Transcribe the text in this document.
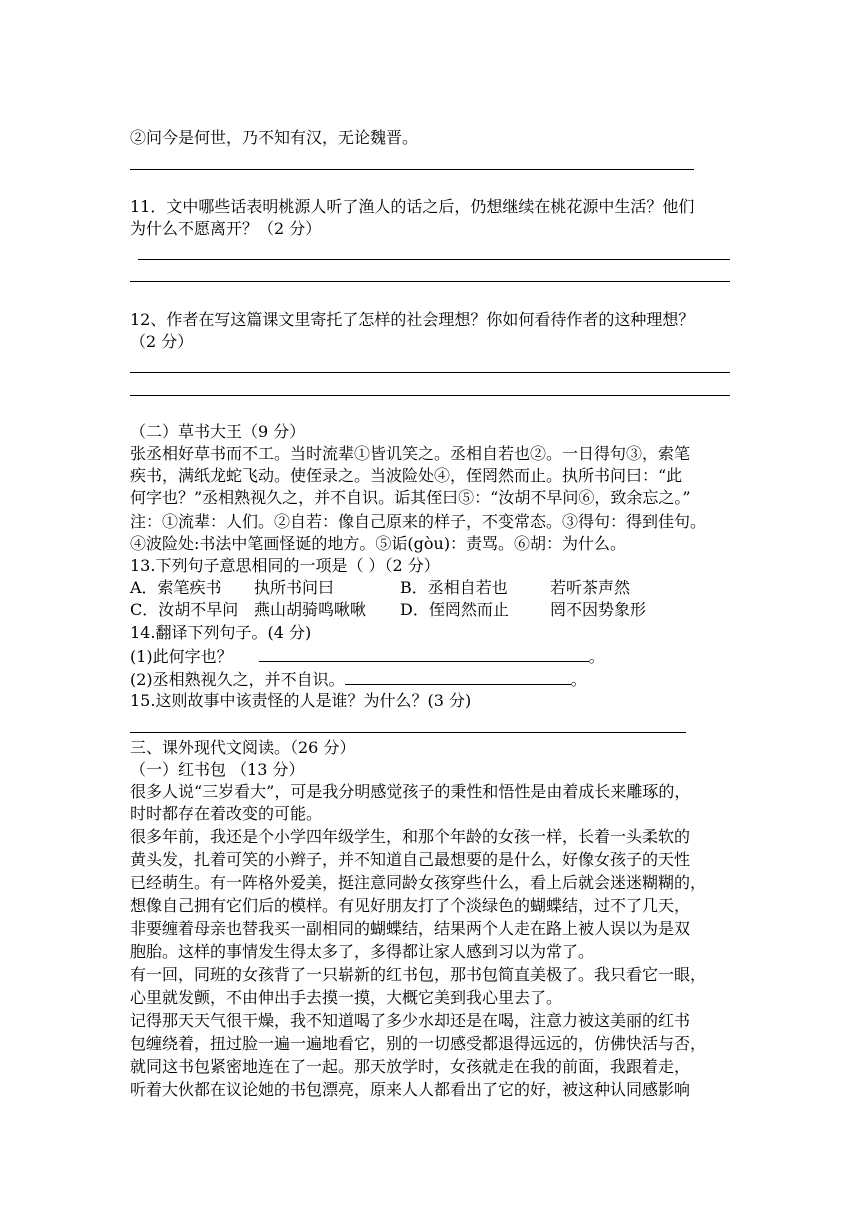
②问今是何世，乃不知有汉，无论魏晋。

11．文中哪些话表明桃源人听了渔人的话之后，仍想继续在桃花源中生活？他们

为什么不愿离开？（2 分）

12、作者在写这篇课文里寄托了怎样的社会理想？你如何看待作者的这种理想？

（2 分）

（二）草书大王（9 分）

张丞相好草书而不工。当时流辈①皆讥笑之。丞相自若也②。一日得句③，索笔

疾书，满纸龙蛇飞动。使侄录之。当波险处④，侄罔然而止。执所书问曰：“此

何字也？”丞相熟视久之，并不自识。诟其侄曰⑤：“汝胡不早问⑥，致余忘之。”

注：①流辈：人们。②自若：像自己原来的样子，不变常态。③得句：得到佳句。

④波险处:书法中笔画怪诞的地方。⑤诟(gòu)：责骂。⑥胡：为什么。

13.下列句子意思相同的一项是（ ）（2 分）

A．索笔疾书 执所书问曰	B．丞相自若也	若听茶声然

C．汝胡不早问 燕山胡骑鸣啾啾 D．侄罔然而止	罔不因势象形

14.翻译下列句子。(4 分)

(1)此何字也？	。

(2)丞相熟视久之，并不自识。	。

15.这则故事中该责怪的人是谁？为什么？(3 分)

三、课外现代文阅读。（26 分）

（一）红书包 （13 分）

很多人说“三岁看大”，可是我分明感觉孩子的秉性和悟性是由着成长来雕琢的，

时时都存在着改变的可能。

很多年前，我还是个小学四年级学生，和那个年龄的女孩一样，长着一头柔软的

黄头发，扎着可笑的小辫子，并不知道自己最想要的是什么，好像女孩子的天性

已经萌生。有一阵格外爱美，挺注意同龄女孩穿些什么，看上后就会迷迷糊糊的，

想像自己拥有它们后的模样。有见好朋友打了个淡绿色的蝴蝶结，过不了几天，

非要缠着母亲也替我买一副相同的蝴蝶结，结果两个人走在路上被人误以为是双

胞胎。这样的事情发生得太多了，多得都让家人感到习以为常了。

有一回，同班的女孩背了一只崭新的红书包，那书包简直美极了。我只看它一眼，

心里就发颤，不由伸出手去摸一摸，大概它美到我心里去了。

记得那天天气很干燥，我不知道喝了多少水却还是在喝，注意力被这美丽的红书

包缠绕着，扭过脸一遍一遍地看它，别的一切感受都退得远远的，仿佛快活与否，

就同这书包紧密地连在了一起。那天放学时，女孩就走在我的前面，我跟着走，

听着大伙都在议论她的书包漂亮，原来人人都看出了它的好，被这种认同感影响
